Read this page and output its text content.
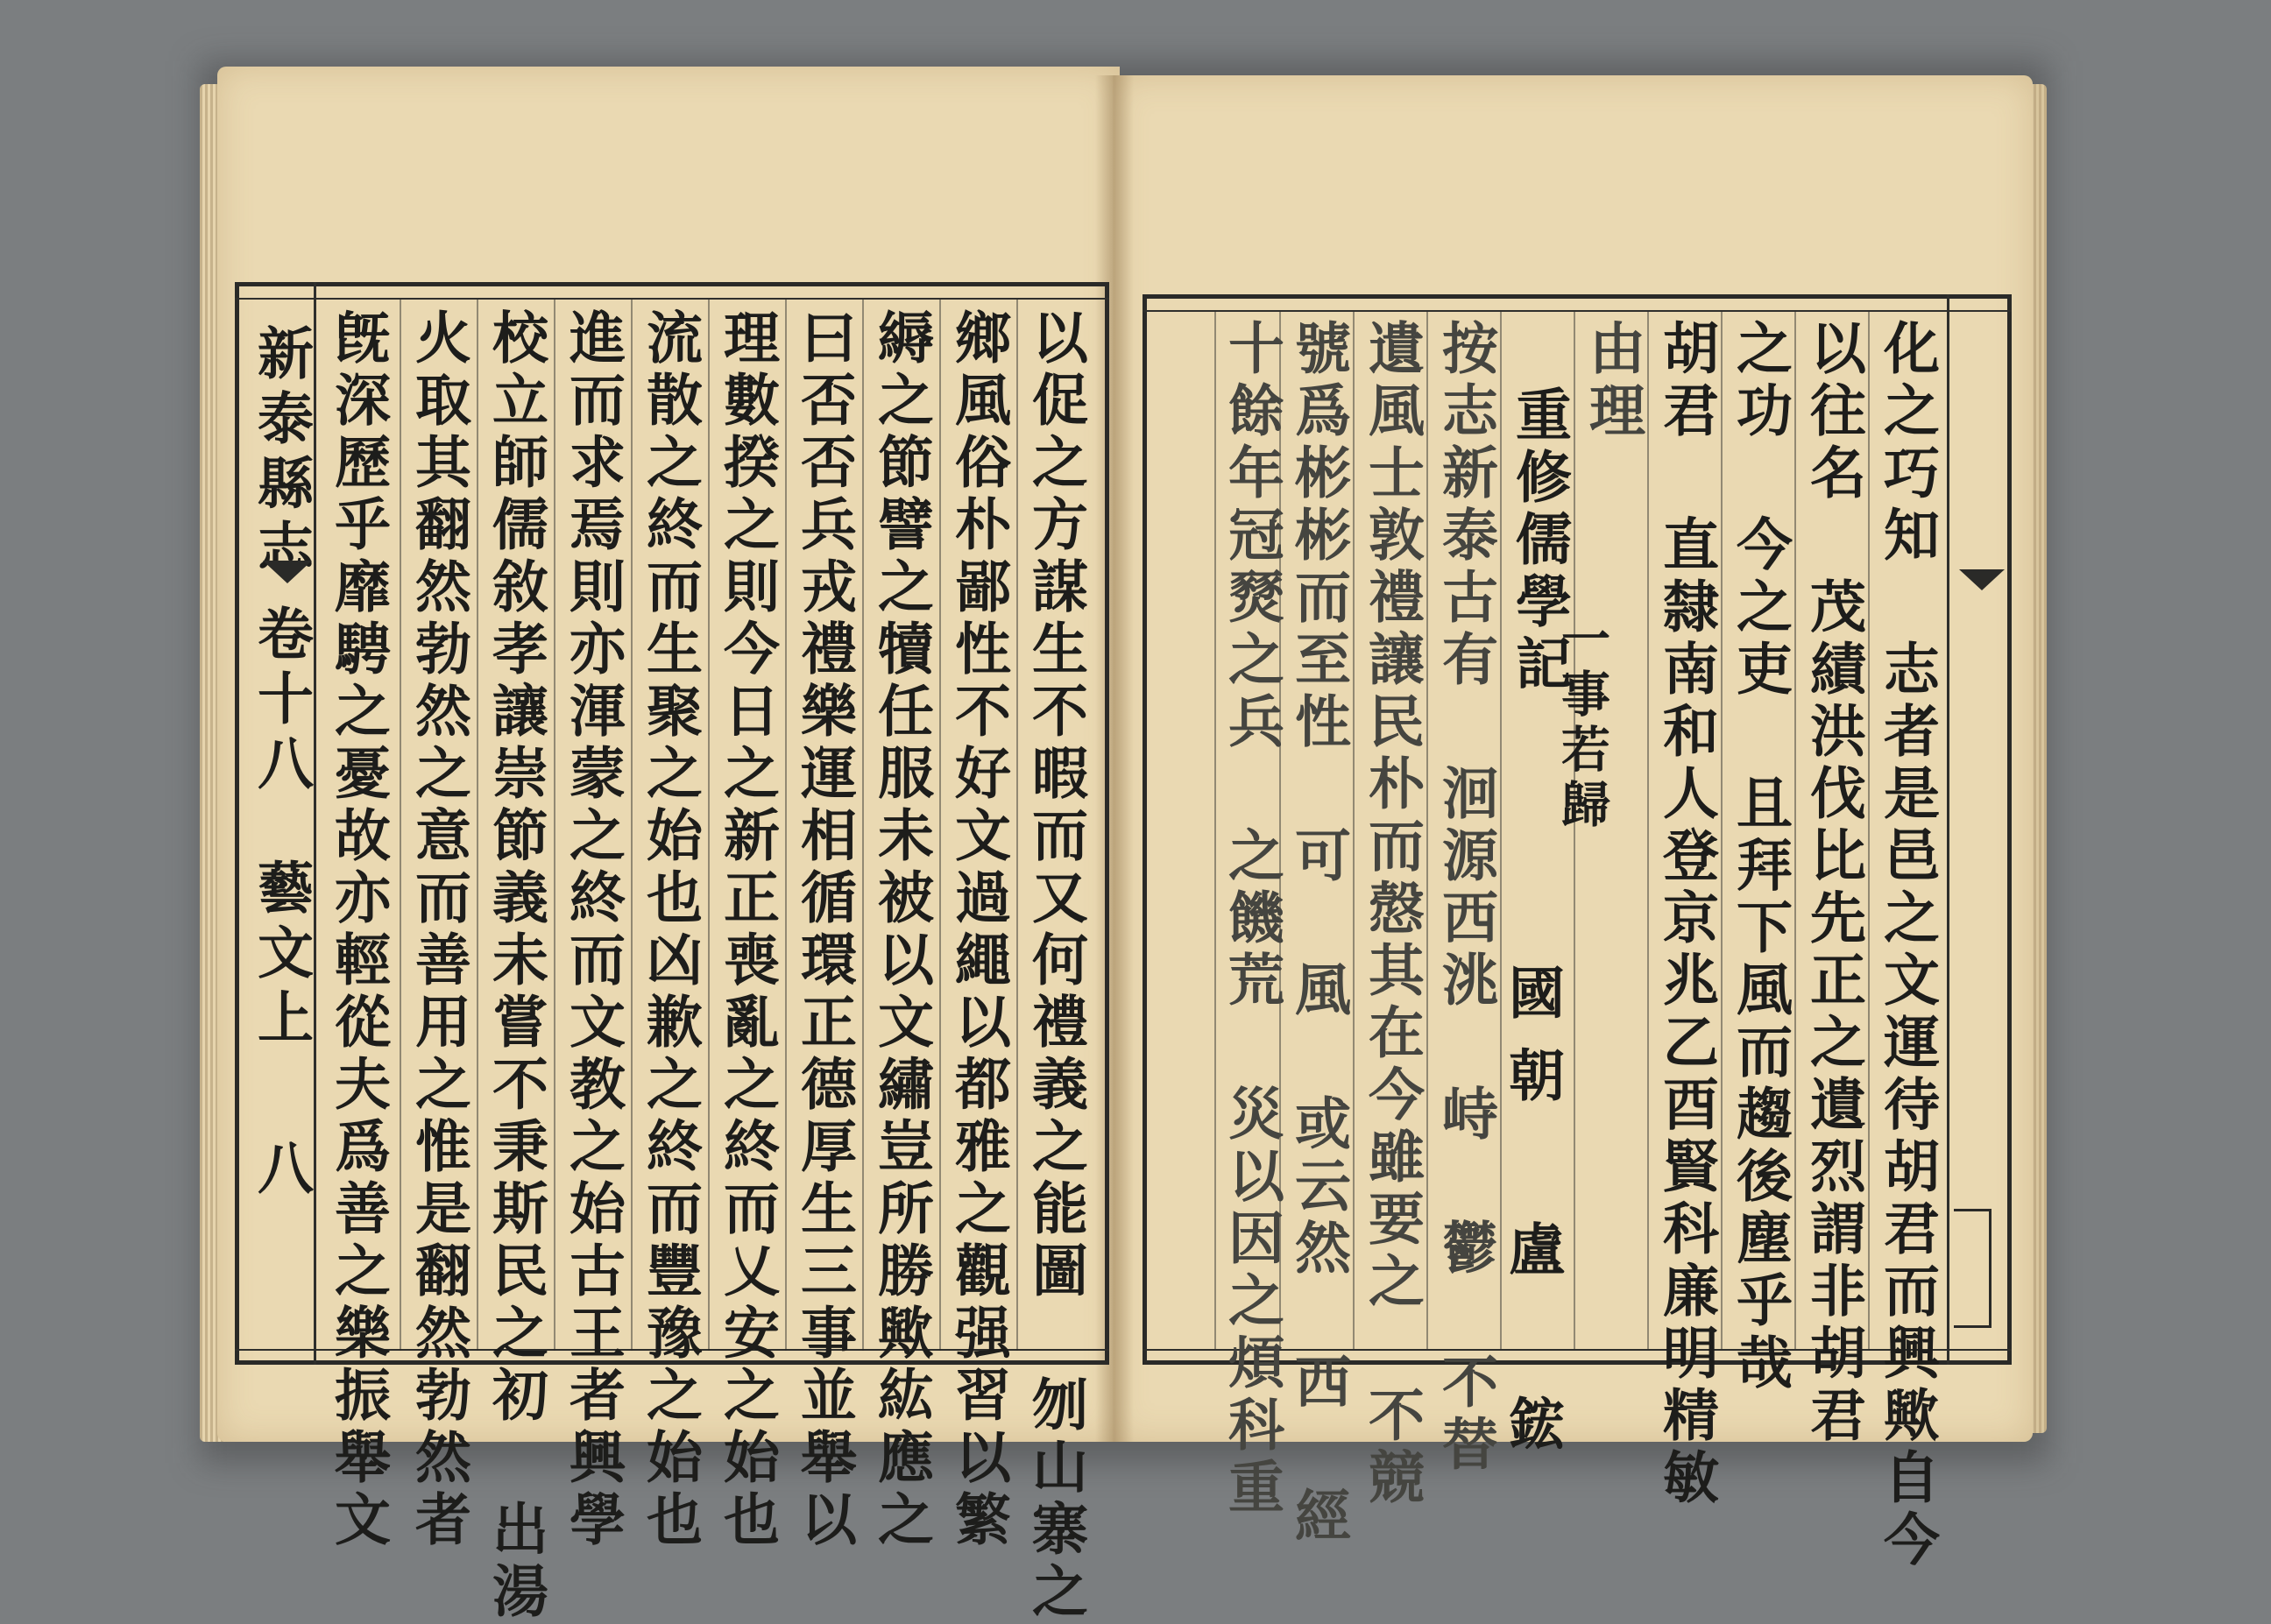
新泰縣志
卷十八
藝文上
八	以促之方謀生不暇而又何禮義之能圖 刎山寨之
鄉風俗朴鄙性不好文過繩以都雅之觀强習以繁
縟之節譬之犢任服未被以文繡豈所勝歟紘應之
曰否否兵戎禮樂運相循環正德厚生三事並舉以
理數揆之則今日之新正喪亂之終而乂安之始也
流散之終而生聚之始也凶歉之終而豐豫之始也
進而求焉則亦渾蒙之終而文教之始古王者興學
校立師儒敘孝讓崇節義未嘗不秉斯民之初 出湯
火取其翻然勃然之意而善用之惟是翻然勃然者
旣深歷乎靡騁之憂故亦輕從夫爲善之樂振舉文	化之巧知 志者是邑之文運待胡君而興歟自今
以往名 茂績洪伐比先正之遺烈謂非胡君
之功 今之吏 且拜下風而趨後塵乎哉
胡君 直隸南和人登京兆乙酉賢科廉明精敏
由理
一事若歸
重修儒學記
國朝 盧 鋐
按志新泰古有 洄源西洮 峙 鬱 不替
遺風士敦禮讓民朴而慤其在今雖要之 不競
號爲彬彬而至性 可 風 或云然 西 經
十餘年冠燹之兵 之饑荒 災以因之煩科重
